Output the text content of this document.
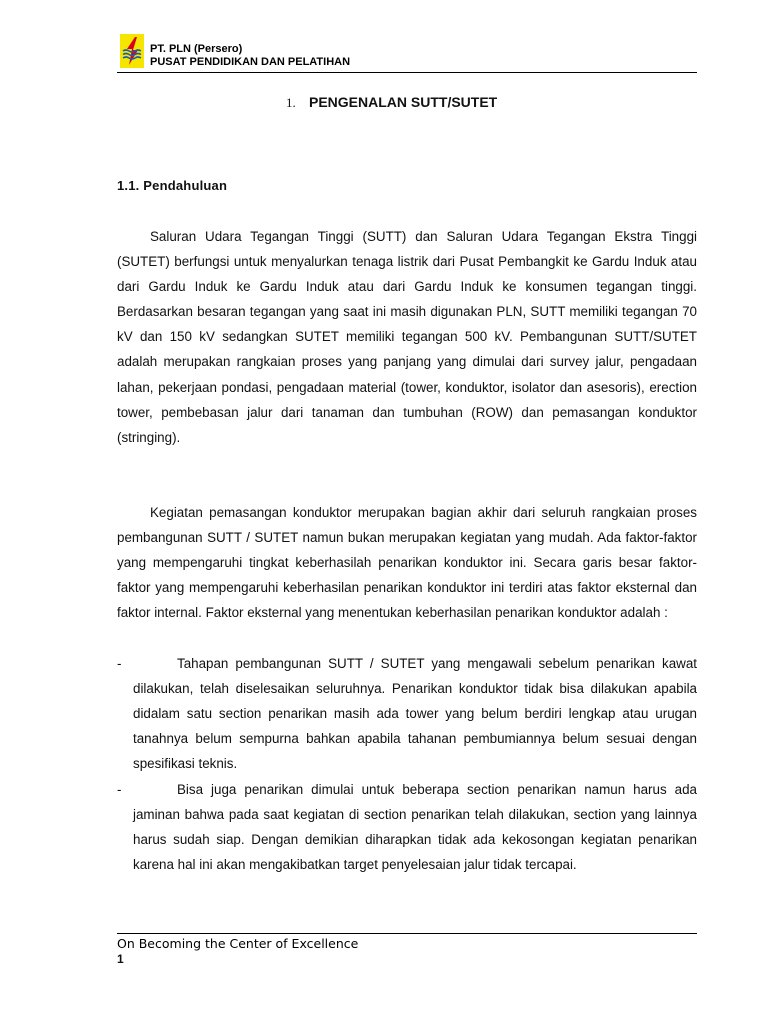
PT. PLN (Persero)
PUSAT PENDIDIKAN DAN PELATIHAN
1. PENGENALAN SUTT/SUTET
1.1. Pendahuluan

Saluran Udara Tegangan Tinggi (SUTT) dan Saluran Udara Tegangan Ekstra Tinggi (SUTET) berfungsi untuk menyalurkan tenaga listrik dari Pusat Pembangkit ke Gardu Induk atau dari Gardu Induk ke Gardu Induk atau dari Gardu Induk ke konsumen tegangan tinggi. Berdasarkan besaran tegangan yang saat ini masih digunakan PLN, SUTT memiliki tegangan 70 kV dan 150 kV sedangkan SUTET memiliki tegangan 500 kV. Pembangunan SUTT/SUTET adalah merupakan rangkaian proses yang panjang yang dimulai dari survey jalur, pengadaan lahan, pekerjaan pondasi, pengadaan material (tower, konduktor, isolator dan asesoris), erection tower, pembebasan jalur dari tanaman dan tumbuhan (ROW) dan pemasangan konduktor (stringing).

Kegiatan pemasangan konduktor merupakan bagian akhir dari seluruh rangkaian proses pembangunan SUTT / SUTET namun bukan merupakan kegiatan yang mudah. Ada faktor-faktor yang mempengaruhi tingkat keberhasilah penarikan konduktor ini. Secara garis besar faktor-faktor yang mempengaruhi keberhasilan penarikan konduktor ini terdiri atas faktor eksternal dan faktor internal. Faktor eksternal yang menentukan keberhasilan penarikan konduktor adalah :

-	Tahapan pembangunan SUTT / SUTET yang mengawali sebelum penarikan kawat dilakukan, telah diselesaikan seluruhnya. Penarikan konduktor tidak bisa dilakukan apabila didalam satu section penarikan masih ada tower yang belum berdiri lengkap atau urugan tanahnya belum sempurna bahkan apabila tahanan pembumiannya belum sesuai dengan spesifikasi teknis.
-	Bisa juga penarikan dimulai untuk beberapa section penarikan namun harus ada jaminan bahwa pada saat kegiatan di section penarikan telah dilakukan, section yang lainnya harus sudah siap. Dengan demikian diharapkan tidak ada kekosongan kegiatan penarikan karena hal ini akan mengakibatkan target penyelesaian jalur tidak tercapai.
On Becoming the Center of Excellence
1
